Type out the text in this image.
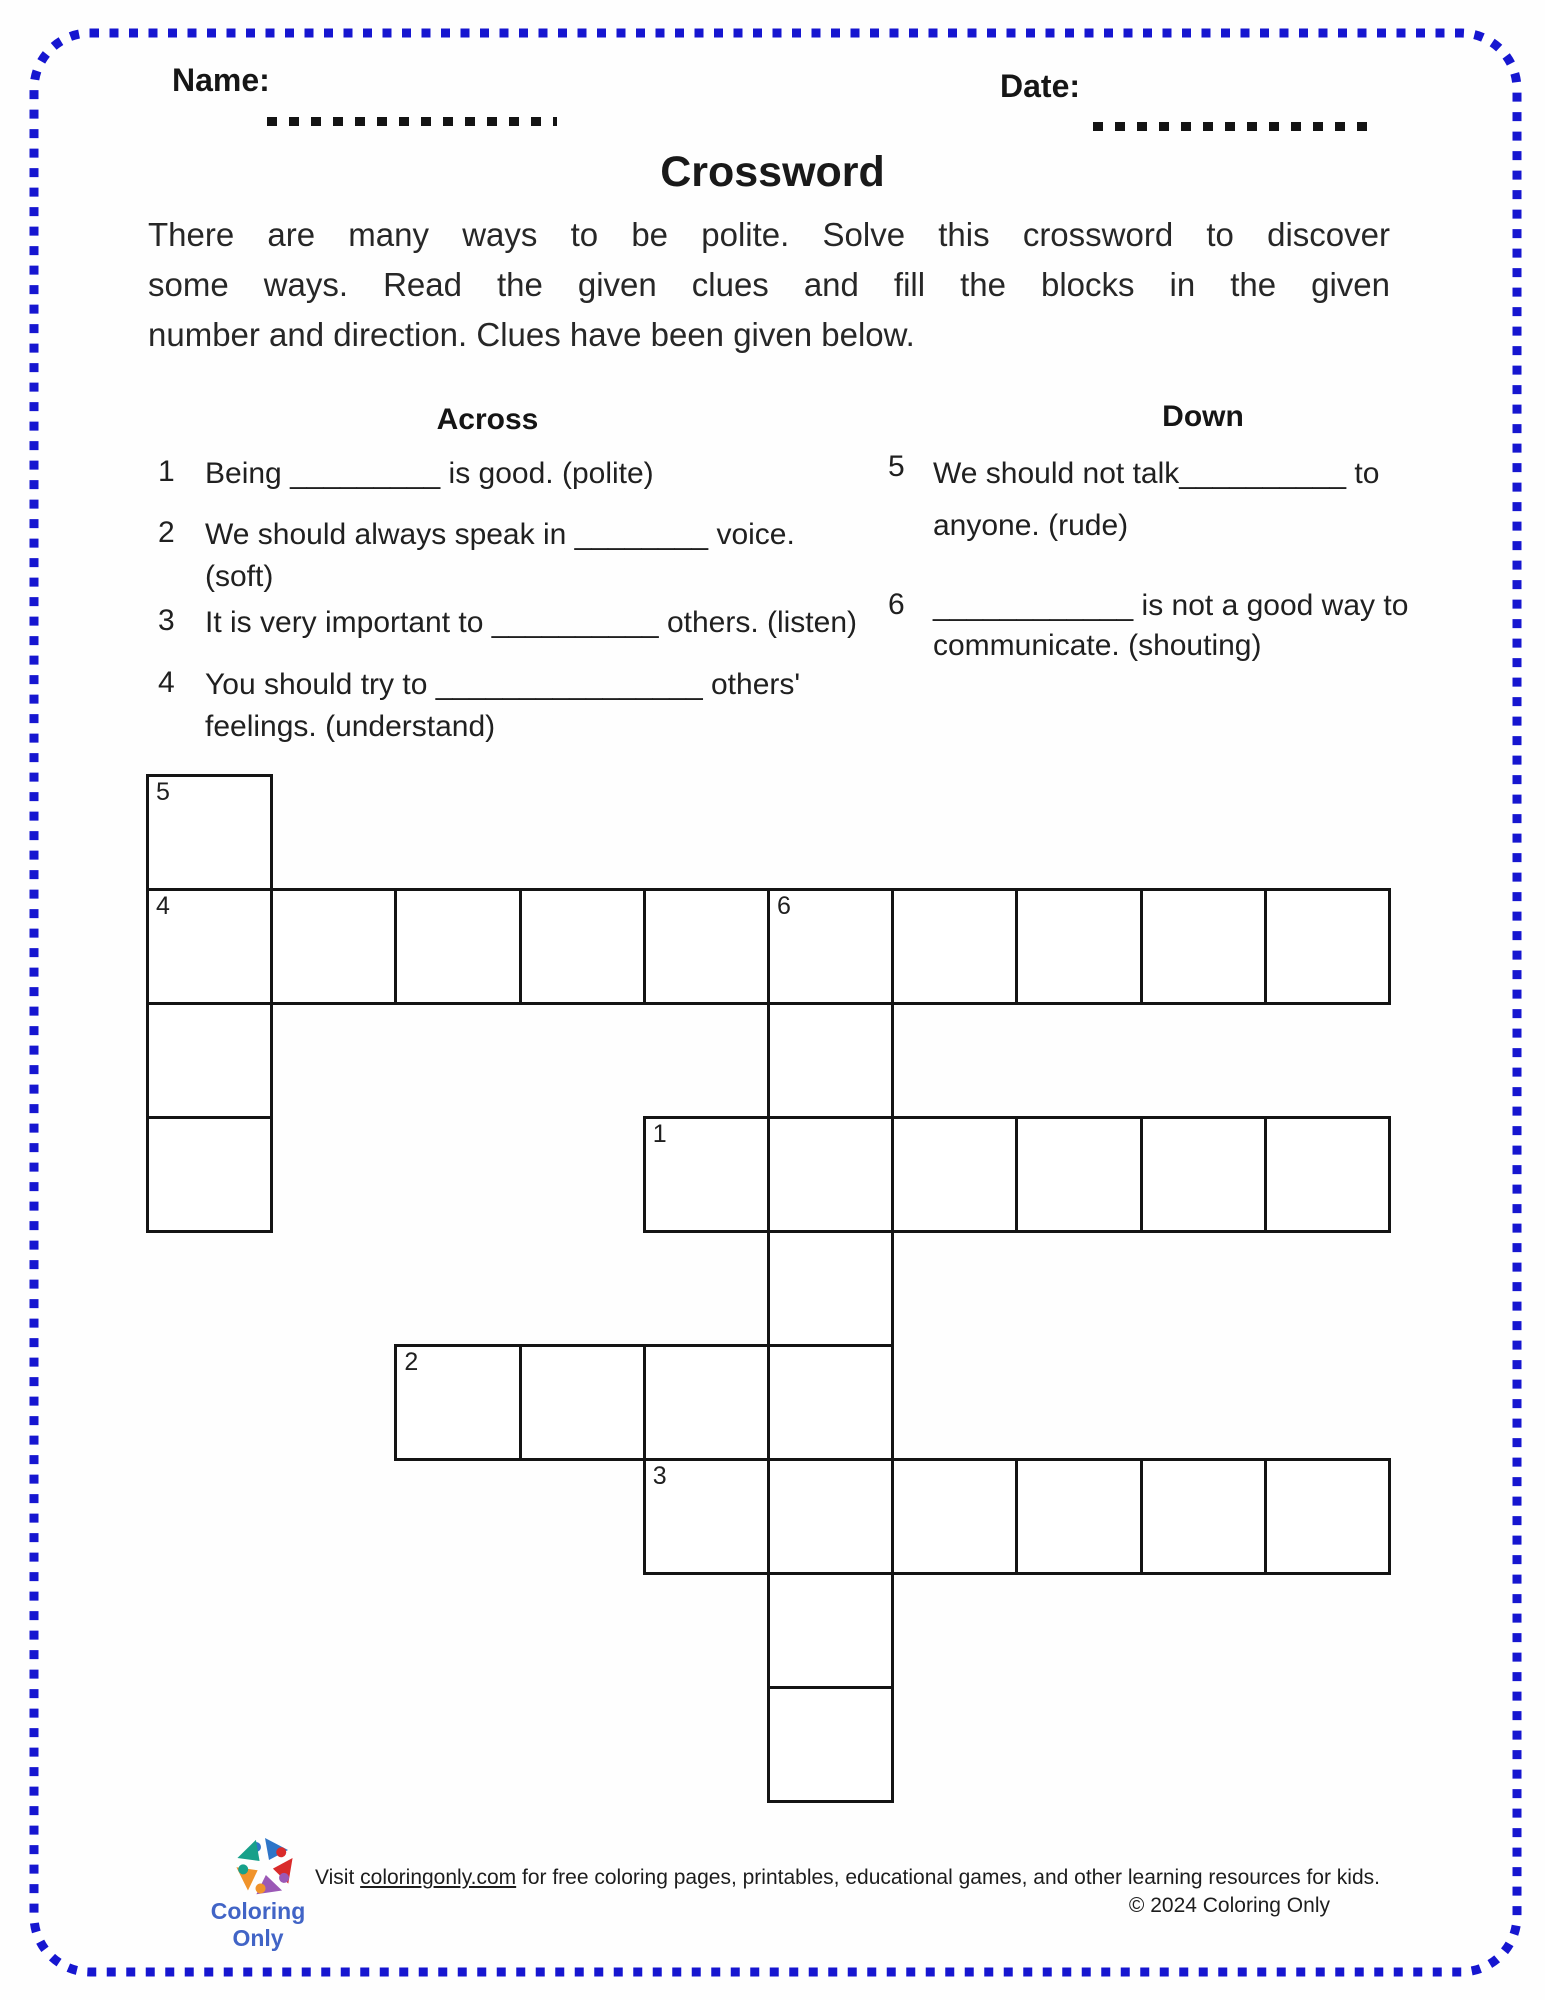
Name:	Date:
Crossword
There are many ways to be polite. Solve this crossword to discover
some ways. Read the given clues and fill the blocks in the given
number and direction. Clues have been given below.
Across	Down
1 Being _________ is good. (polite)
2 We should always speak in ________ voice.
(soft)
3 It is very important to __________ others. (listen)
4 You should try to ________________ others'
feelings. (understand)
5 We should not talk__________ to
anyone. (rude)
6 ____________ is not a good way to
communicate. (shouting)
5
4	6
1
2
3
Coloring Only
Visit coloringonly.com for free coloring pages, printables, educational games, and other learning resources for kids.
© 2024 Coloring Only
